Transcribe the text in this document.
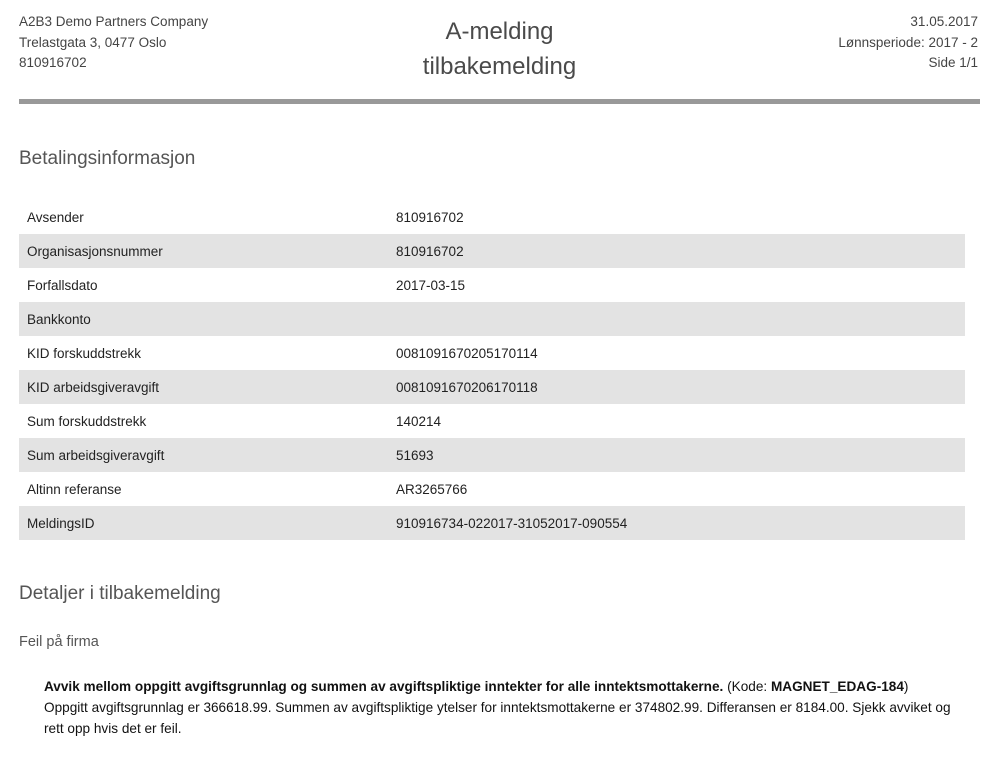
A2B3 Demo Partners Company
Trelastgata 3, 0477 Oslo
810916702
A-melding
tilbakemelding
31.05.2017
Lønnsperiode: 2017 - 2
Side 1/1
Betalingsinformasjon
Avsender	810916702
Organisasjonsnummer	810916702
Forfallsdato	2017-03-15
Bankkonto	
KID forskuddstrekk	0081091670205170114
KID arbeidsgiveravgift	0081091670206170118
Sum forskuddstrekk	140214
Sum arbeidsgiveravgift	51693
Altinn referanse	AR3265766
MeldingsID	910916734-022017-31052017-090554
Detaljer i tilbakemelding
Feil på firma

Avvik mellom oppgitt avgiftsgrunnlag og summen av avgiftspliktige inntekter for alle inntektsmottakerne. (Kode: MAGNET_EDAG-184)

Oppgitt avgiftsgrunnlag er 366618.99. Summen av avgiftspliktige ytelser for inntektsmottakerne er 374802.99. Differansen er 8184.00. Sjekk avviket og rett opp hvis det er feil.
